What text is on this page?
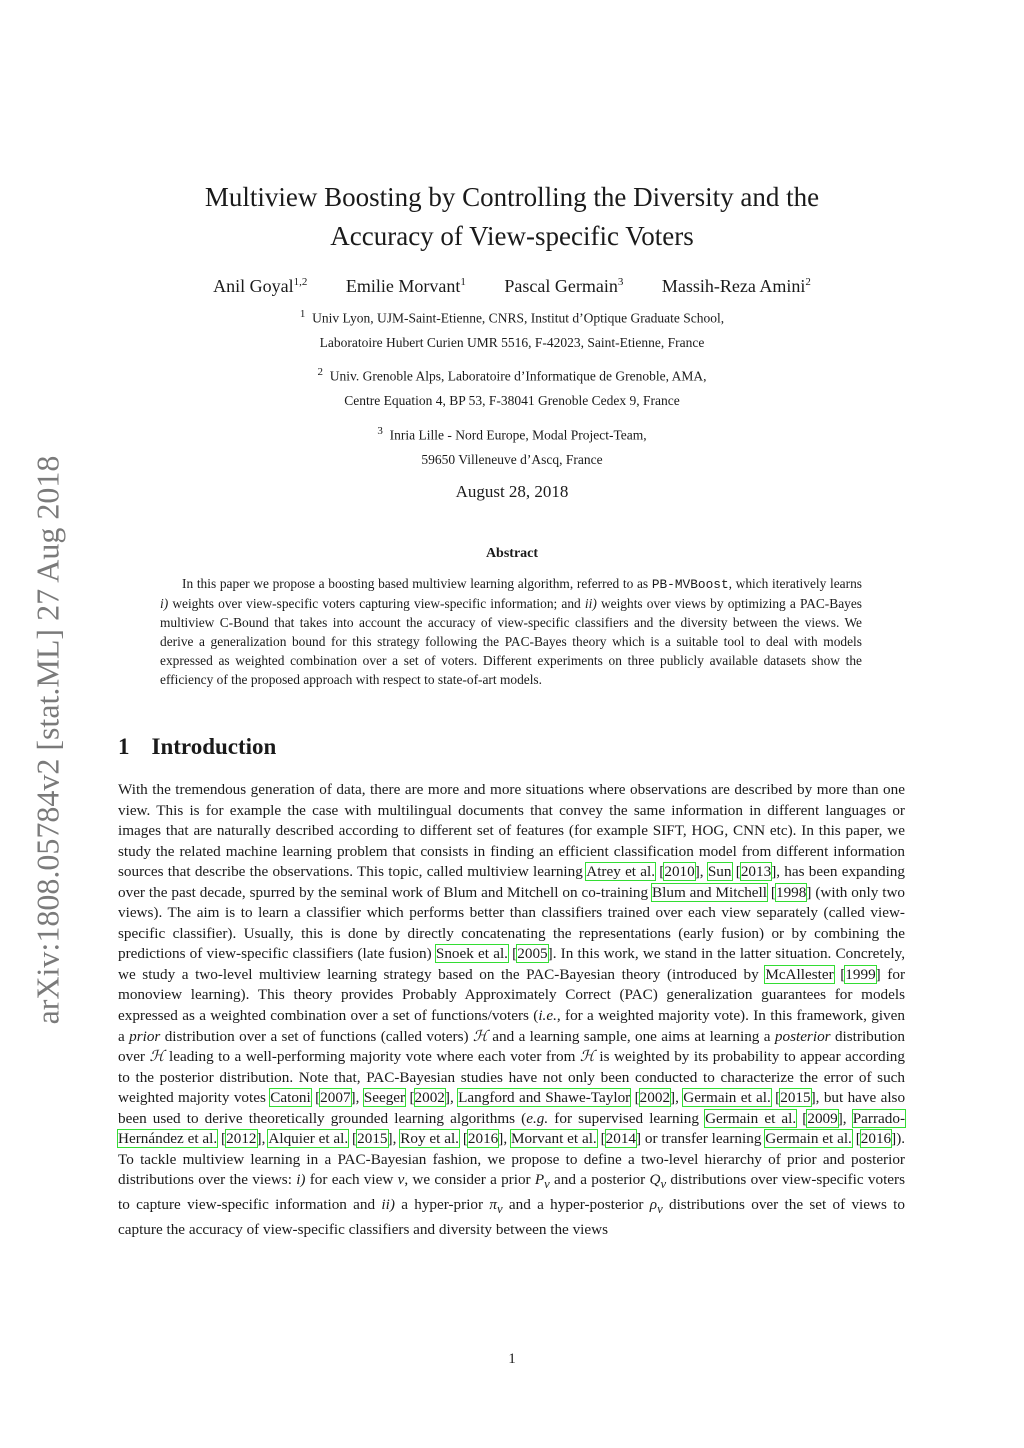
arXiv:1808.05784v2 [stat.ML] 27 Aug 2018
Multiview Boosting by Controlling the Diversity and the
Accuracy of View-specific Voters
Anil Goyal$^{1,2}$ Emilie Morvant$^1$ Pascal Germain$^3$ Massih-Reza Amini$^2$
$^1$ Univ Lyon, UJM-Saint-Etienne, CNRS, Institut d’Optique Graduate School,
Laboratoire Hubert Curien UMR 5516, F-42023, Saint-Etienne, France
$^2$ Univ. Grenoble Alps, Laboratoire d’Informatique de Grenoble, AMA,
Centre Equation 4, BP 53, F-38041 Grenoble Cedex 9, France
$^3$ Inria Lille - Nord Europe, Modal Project-Team,
59650 Villeneuve d’Ascq, France
August 28, 2018
Abstract
In this paper we propose a boosting based multiview learning algorithm, referred to as PB-MVBoost, which iteratively learns i) weights over view-specific voters capturing view-specific information; and ii) weights over views by optimizing a PAC-Bayes multiview C-Bound that takes into account the accuracy of view-specific classifiers and the diversity between the views. We derive a generalization bound for this strategy following the PAC-Bayes theory which is a suitable tool to deal with models expressed as weighted combination over a set of voters. Different experiments on three publicly available datasets show the efficiency of the proposed approach with respect to state-of-art models.
1 Introduction
With the tremendous generation of data, there are more and more situations where observations are described by more than one view. This is for example the case with multilingual documents that convey the same information in different languages or images that are naturally described according to different set of features (for example SIFT, HOG, CNN etc). In this paper, we study the related machine learning problem that consists in finding an efficient classification model from different information sources that describe the observations. This topic, called multiview learning Atrey et al. [2010], Sun [2013], has been expanding over the past decade, spurred by the seminal work of Blum and Mitchell on co-training Blum and Mitchell [1998] (with only two views). The aim is to learn a classifier which performs better than classifiers trained over each view separately (called view-specific classifier). Usually, this is done by directly concatenating the representations (early fusion) or by combining the predictions of view-specific classifiers (late fusion) Snoek et al. [2005]. In this work, we stand in the latter situation. Concretely, we study a two-level multiview learning strategy based on the PAC-Bayesian theory (introduced by McAllester [1999] for monoview learning). This theory provides Probably Approximately Correct (PAC) generalization guarantees for models expressed as a weighted combination over a set of functions/voters (i.e., for a weighted majority vote). In this framework, given a prior distribution over a set of functions (called voters) ℋ and a learning sample, one aims at learning a posterior distribution over ℋ leading to a well-performing majority vote where each voter from ℋ is weighted by its probability to appear according to the posterior distribution. Note that, PAC-Bayesian studies have not only been conducted to characterize the error of such weighted majority votes Catoni [2007], Seeger [2002], Langford and Shawe-Taylor [2002], Germain et al. [2015], but have also been used to derive theoretically grounded learning algorithms (e.g. for supervised learning Germain et al. [2009], Parrado-Hernández et al. [2012], Alquier et al. [2015], Roy et al. [2016], Morvant et al. [2014] or transfer learning Germain et al. [2016]). To tackle multiview learning in a PAC-Bayesian fashion, we propose to define a two-level hierarchy of prior and posterior distributions over the views: i) for each view v, we consider a prior $P_v$ and a posterior $Q_v$ distributions over view-specific voters to capture view-specific information and ii) a hyper-prior $\pi_v$ and a hyper-posterior $\rho_v$ distributions over the set of views to capture the accuracy of view-specific classifiers and diversity between the views
1
